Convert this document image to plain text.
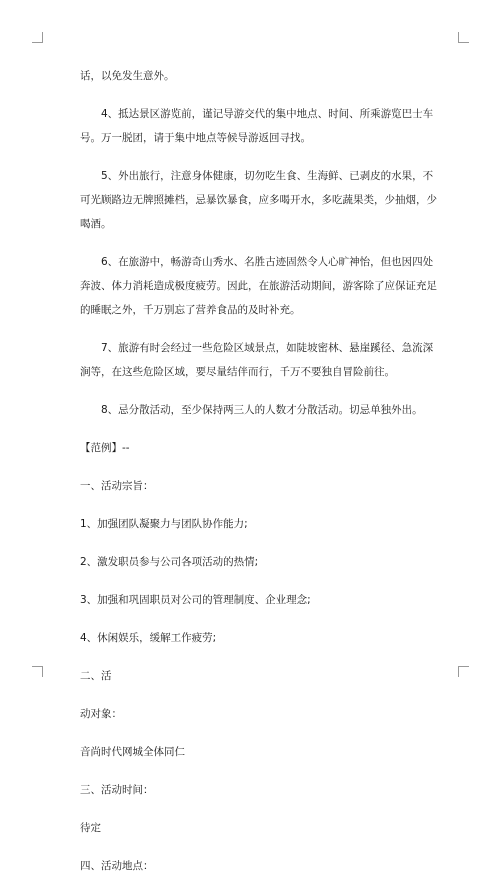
话，以免发生意外。

4、抵达景区游览前，谨记导游交代的集中地点、时间、所乘游览巴士车号。万一脱团，请于集中地点等候导游返回寻找。

5、外出旅行，注意身体健康，切勿吃生食、生海鲜、已剥皮的水果，不可光顾路边无牌照摊档，忌暴饮暴食，应多喝开水，多吃蔬果类，少抽烟，少喝酒。

6、在旅游中，畅游奇山秀水、名胜古迹固然令人心旷神怡，但也因四处奔波、体力消耗造成极度疲劳。因此，在旅游活动期间，游客除了应保证充足的睡眠之外，千万别忘了营养食品的及时补充。

7、旅游有时会经过一些危险区域景点，如陡坡密林、悬崖蹊径、急流深涧等，在这些危险区域，要尽量结伴而行，千万不要独自冒险前往。

8、忌分散活动，至少保持两三人的人数才分散活动。切忌单独外出。

【范例】--

一、活动宗旨：

1、加强团队凝聚力与团队协作能力;

2、激发职员参与公司各项活动的热情;

3、加强和巩固职员对公司的管理制度、企业理念;

4、休闲娱乐，缓解工作疲劳;

二、活

动对象：

音尚时代网城全体同仁

三、活动时间：

待定

四、活动地点：
